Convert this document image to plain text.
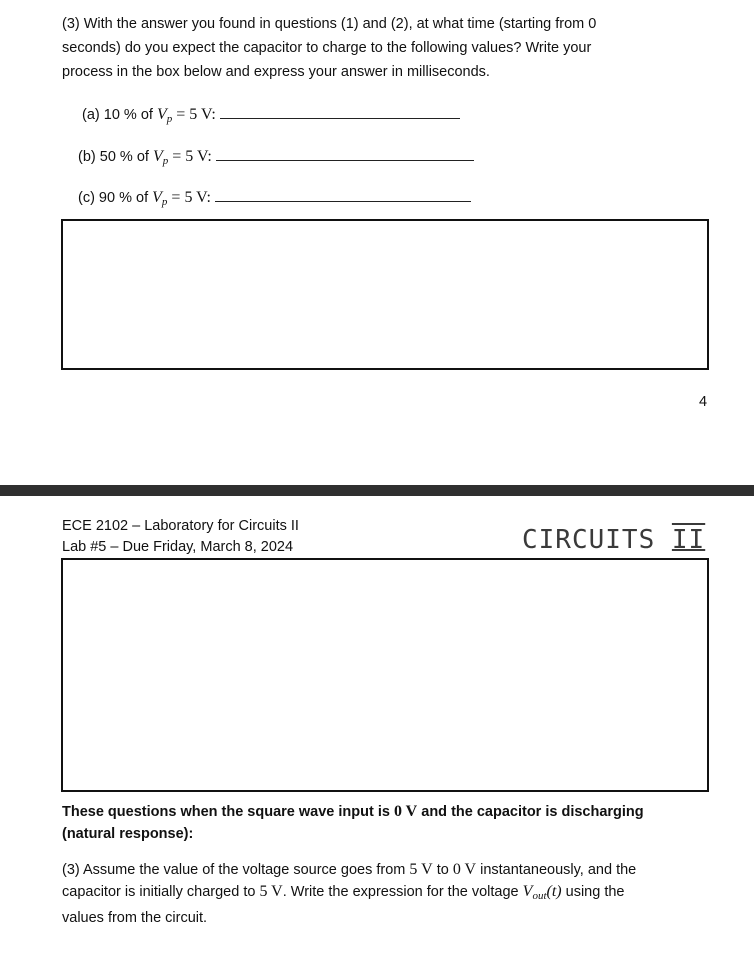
(3) With the answer you found in questions (1) and (2), at what time (starting from 0
seconds) do you expect the capacitor to charge to the following values? Write your
process in the box below and express your answer in milliseconds.
(a) 10 % of $V_p = 5$ V:
(b) 50 % of $V_p = 5$ V:
(c) 90 % of $V_p = 5$ V:
4
ECE 2102 – Laboratory for Circuits II
Lab #5 – Due Friday, March 8, 2024	CIRCUITS II
These questions when the square wave input is 0 V and the capacitor is discharging
(natural response):
(3) Assume the value of the voltage source goes from 5 V to 0 V instantaneously, and the
capacitor is initially charged to 5 V. Write the expression for the voltage $V_{out}(t)$ using the
values from the circuit.
